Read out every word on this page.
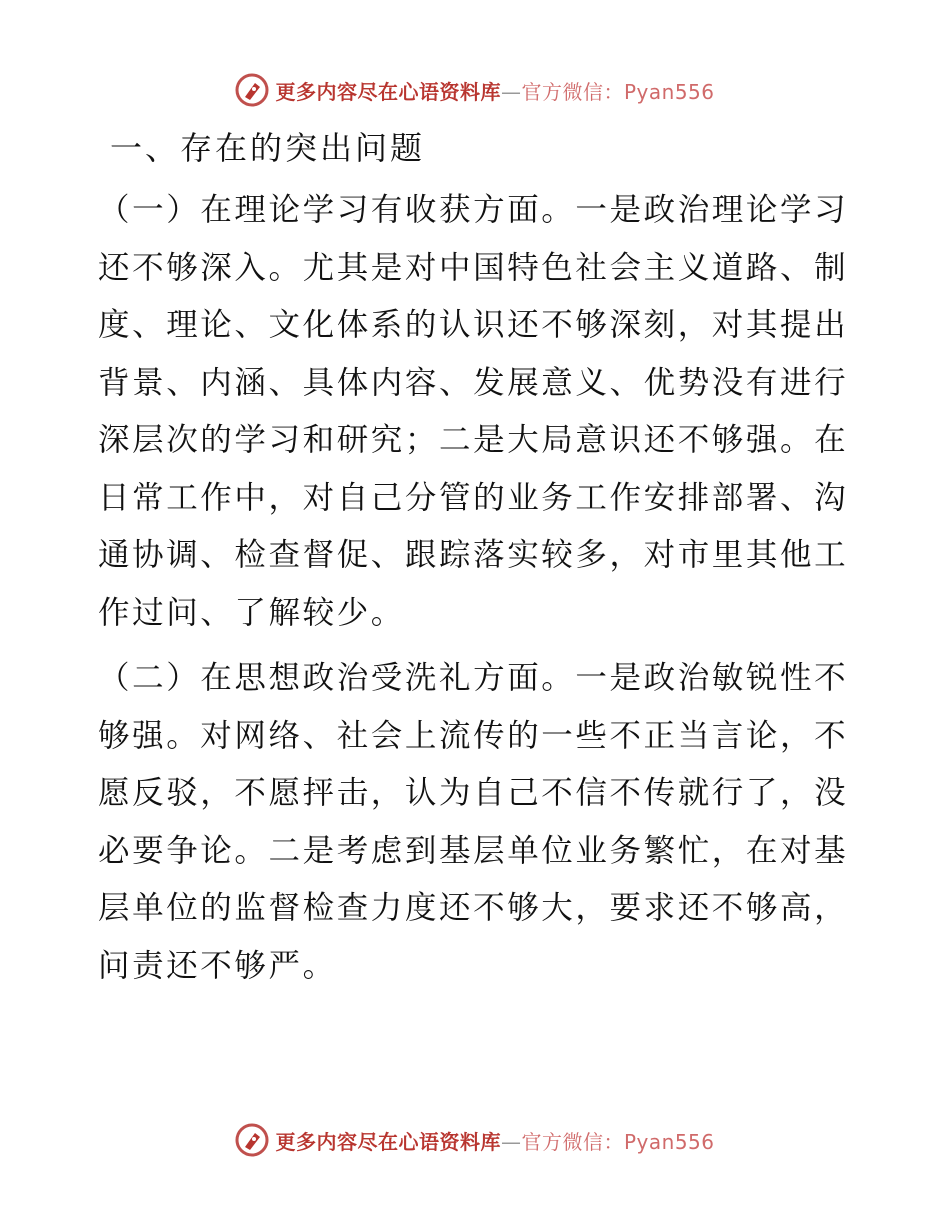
更多内容尽在心语资料库—官方微信：Pyan556
一、存在的突出问题

（一）在理论学习有收获方面。一是政治理论学习还不够深入。尤其是对中国特色社会主义道路、制度、理论、文化体系的认识还不够深刻，对其提出背景、内涵、具体内容、发展意义、优势没有进行深层次的学习和研究；二是大局意识还不够强。在日常工作中，对自己分管的业务工作安排部署、沟通协调、检查督促、跟踪落实较多，对市里其他工作过问、了解较少。

（二）在思想政治受洗礼方面。一是政治敏锐性不够强。对网络、社会上流传的一些不正当言论，不愿反驳，不愿抨击，认为自己不信不传就行了，没必要争论。二是考虑到基层单位业务繁忙，在对基层单位的监督检查力度还不够大，要求还不够高，问责还不够严。

更多内容尽在心语资料库—官方微信：Pyan556
